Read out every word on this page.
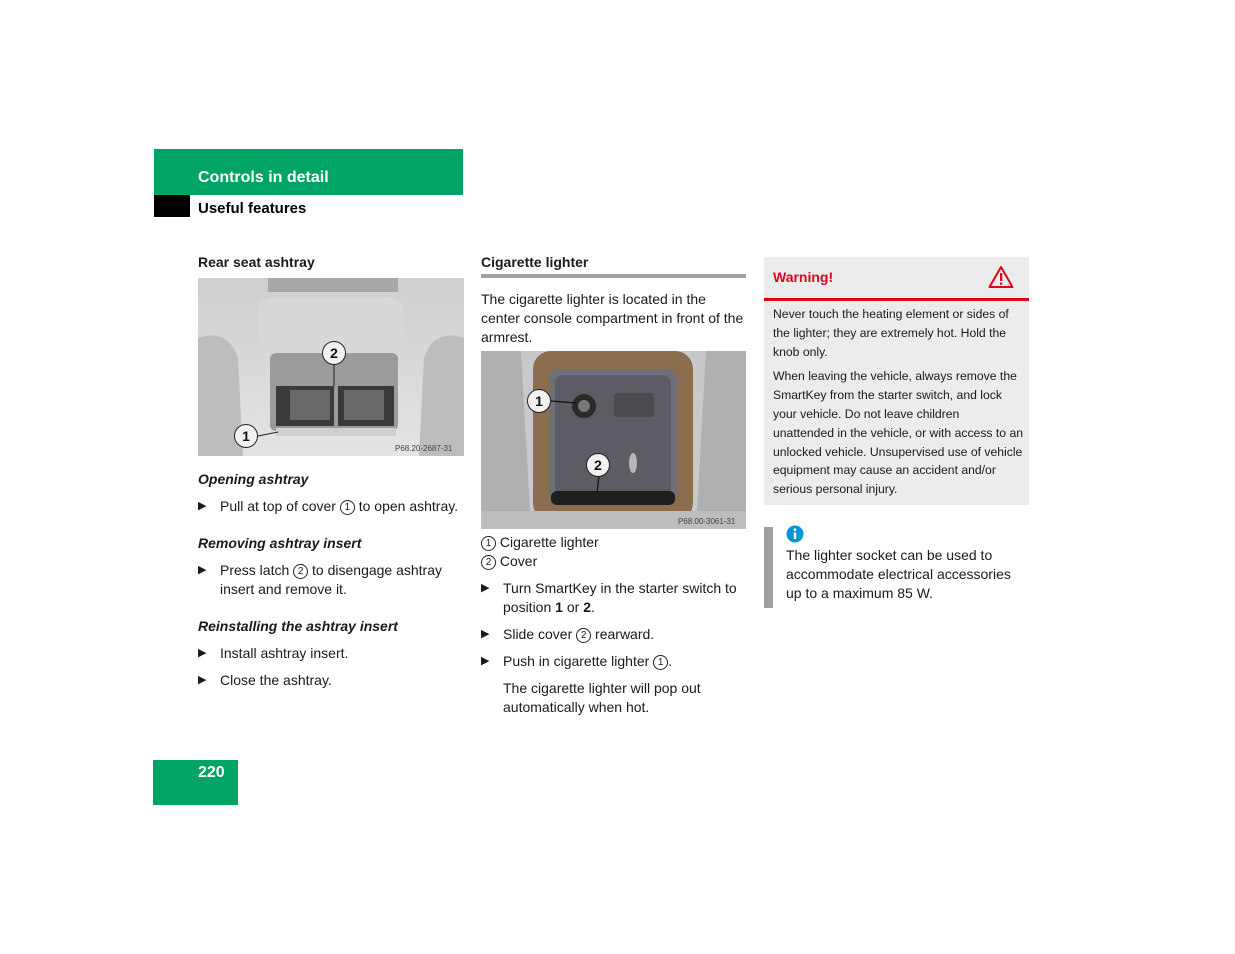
Controls in detail
Useful features
Rear seat ashtray
2
1
P68.20-2687-31
Opening ashtray
▶ Pull at top of cover 1 to open ashtray.
Removing ashtray insert
▶ Press latch 2 to disengage ashtray insert and remove it.
Reinstalling the ashtray insert
▶ Install ashtray insert.
▶ Close the ashtray.
Cigarette lighter
The cigarette lighter is located in the center console compartment in front of the armrest.
1
2
P68.00-3061-31
1 Cigarette lighter
2 Cover
▶ Turn SmartKey in the starter switch to position 1 or 2.
▶ Slide cover 2 rearward.
▶ Push in cigarette lighter 1 .
The cigarette lighter will pop out automatically when hot.
Warning!
Never touch the heating element or sides of the lighter; they are extremely hot. Hold the knob only.
When leaving the vehicle, always remove the SmartKey from the starter switch, and lock your vehicle. Do not leave children unattended in the vehicle, or with access to an unlocked vehicle. Unsupervised use of vehicle equipment may cause an accident and/or serious personal injury.
The lighter socket can be used to accommodate electrical accessories up to a maximum 85 W.
220
